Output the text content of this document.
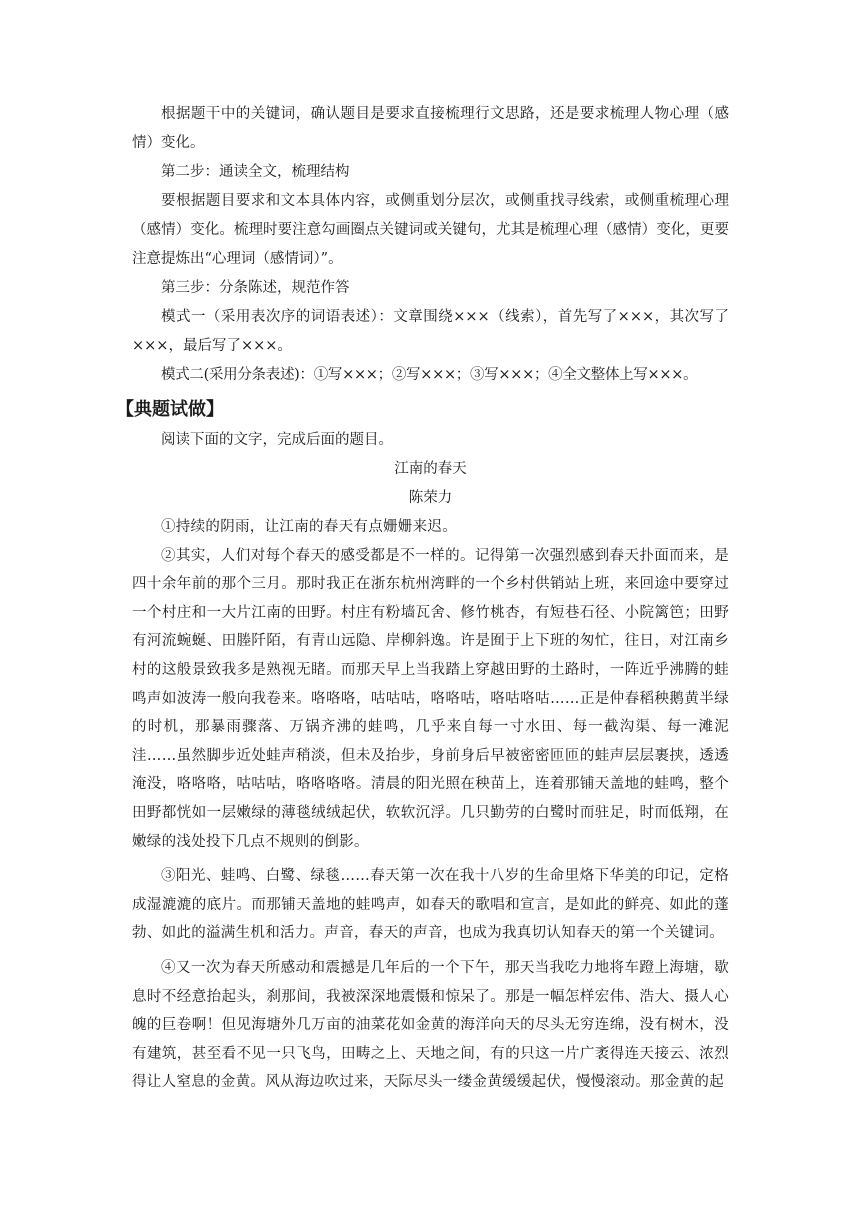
根据题干中的关键词，确认题目是要求直接梳理行文思路，还是要求梳理人物心理（感情）变化。

第二步：通读全文，梳理结构

要根据题目要求和文本具体内容，或侧重划分层次，或侧重找寻线索，或侧重梳理心理（感情）变化。梳理时要注意勾画圈点关键词或关键句，尤其是梳理心理（感情）变化，更要注意提炼出“心理词（感情词）”。

第三步：分条陈述，规范作答

模式一（采用表次序的词语表述）：文章围绕×××（线索），首先写了×××，其次写了×××，最后写了×××。

模式二(采用分条表述)：①写×××；②写×××；③写×××；④全文整体上写×××。

【典题试做】

阅读下面的文字，完成后面的题目。

江南的春天

陈荣力

①持续的阴雨，让江南的春天有点姗姗来迟。

②其实，人们对每个春天的感受都是不一样的。记得第一次强烈感到春天扑面而来，是四十余年前的那个三月。那时我正在浙东杭州湾畔的一个乡村供销站上班，来回途中要穿过一个村庄和一大片江南的田野。村庄有粉墙瓦舍、修竹桃杏，有短巷石径、小院篱笆；田野有河流蜿蜒、田塍阡陌，有青山远隐、岸柳斜逸。许是囿于上下班的匆忙，往日，对江南乡村的这般景致我多是熟视无睹。而那天早上当我踏上穿越田野的土路时，一阵近乎沸腾的蛙鸣声如波涛一般向我卷来。咯咯咯，咕咕咕，咯咯咕，咯咕咯咕……正是仲春稻秧鹅黄半绿的时机，那暴雨骤落、万锅齐沸的蛙鸣，几乎来自每一寸水田、每一截沟渠、每一滩泥洼……虽然脚步近处蛙声稍淡，但未及抬步，身前身后早被密密匝匝的蛙声层层裹挟，透透淹没，咯咯咯，咕咕咕，咯咯咯咯。清晨的阳光照在秧苗上，连着那铺天盖地的蛙鸣，整个田野都恍如一层嫩绿的薄毯绒绒起伏，软软沉浮。几只勤劳的白鹭时而驻足，时而低翔，在嫩绿的浅处投下几点不规则的倒影。

③阳光、蛙鸣、白鹭、绿毯……春天第一次在我十八岁的生命里烙下华美的印记，定格成湿漉漉的底片。而那铺天盖地的蛙鸣声，如春天的歌唱和宣言，是如此的鲜亮、如此的蓬勃、如此的溢满生机和活力。声音，春天的声音，也成为我真切认知春天的第一个关键词。

④又一次为春天所感动和震撼是几年后的一个下午，那天当我吃力地将车蹬上海塘，歇息时不经意抬起头，刹那间，我被深深地震慑和惊呆了。那是一幅怎样宏伟、浩大、摄人心魄的巨卷啊！但见海塘外几万亩的油菜花如金黄的海洋向天的尽头无穷连绵，没有树木，没有建筑，甚至看不见一只飞鸟，田畴之上、天地之间，有的只这一片广袤得连天接云、浓烈得让人窒息的金黄。风从海边吹过来，天际尽头一缕金黄缓缓起伏，慢慢滚动。那金黄的起
